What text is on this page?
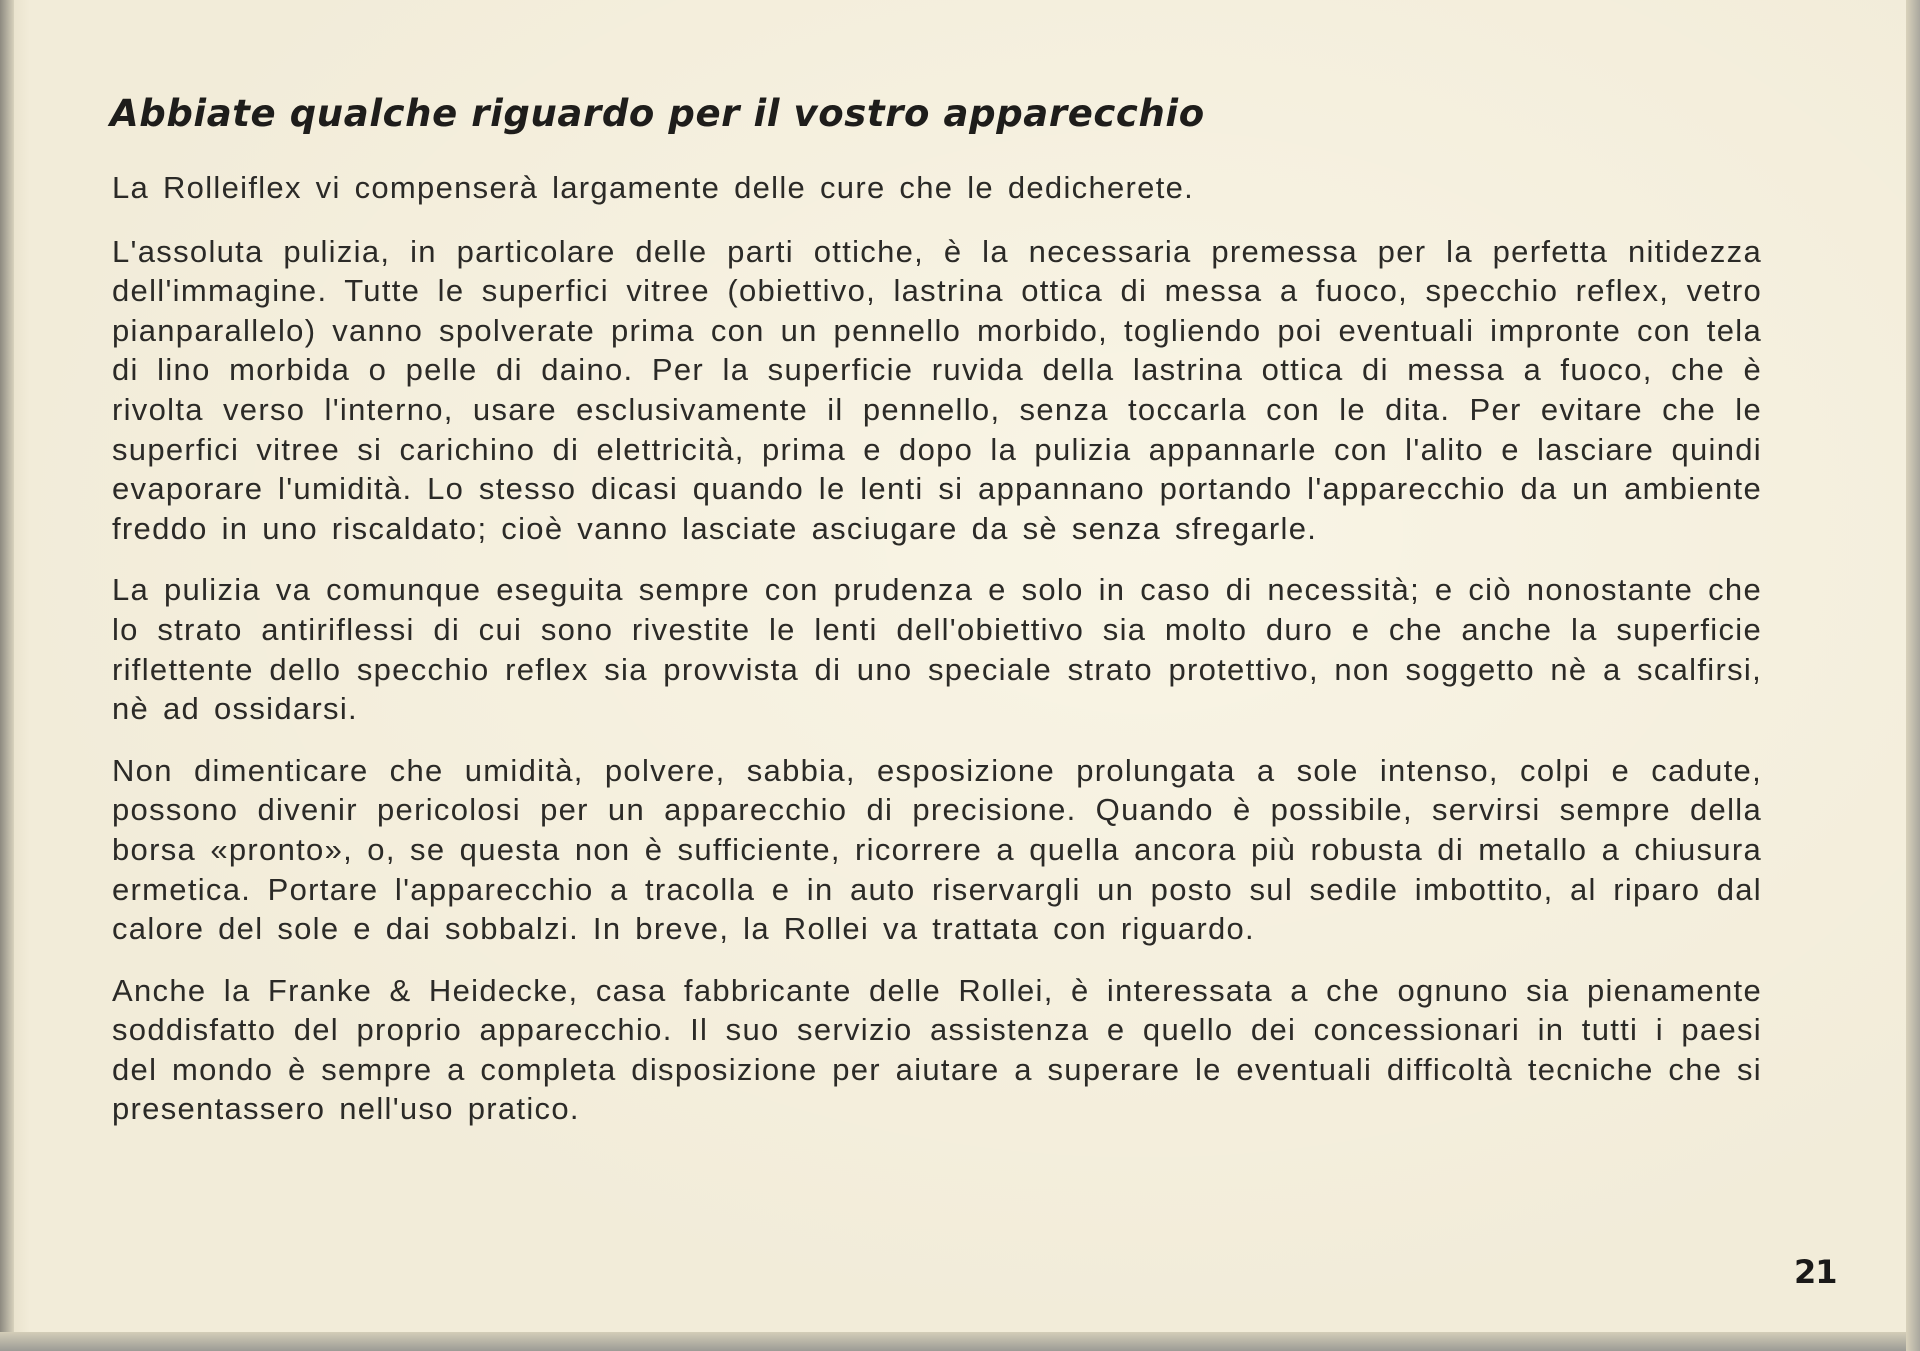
Abbiate qualche riguardo per il vostro apparecchio

La Rolleiflex vi compenserà largamente delle cure che le dedicherete.

L'assoluta pulizia, in particolare delle parti ottiche, è la necessaria premessa per la perfetta nitidezza dell'immagine. Tutte le superfici vitree (obiettivo, lastrina ottica di messa a fuoco, specchio reflex, vetro pianparallelo) vanno spolverate prima con un pennello morbido, togliendo poi eventuali impronte con tela di lino morbida o pelle di daino. Per la superficie ruvida della lastrina ottica di messa a fuoco, che è rivolta verso l'interno, usare esclusivamente il pennello, senza toccarla con le dita. Per evitare che le superfici vitree si carichino di elettricità, prima e dopo la pulizia appannarle con l'alito e lasciare quindi evaporare l'umidità. Lo stesso dicasi quando le lenti si appannano portando l'apparecchio da un ambiente freddo in uno riscaldato; cioè vanno lasciate asciugare da sè senza sfregarle.

La pulizia va comunque eseguita sempre con prudenza e solo in caso di necessità; e ciò nonostante che lo strato antiriflessi di cui sono rivestite le lenti dell'obiettivo sia molto duro e che anche la superficie riflettente dello specchio reflex sia provvista di uno speciale strato protettivo, non soggetto nè a scalfirsi, nè ad ossidarsi.

Non dimenticare che umidità, polvere, sabbia, esposizione prolungata a sole intenso, colpi e cadute, possono divenir pericolosi per un apparecchio di precisione. Quando è possibile, servirsi sempre della borsa «pronto», o, se questa non è sufficiente, ricorrere a quella ancora più robusta di metallo a chiusura ermetica. Portare l'apparecchio a tracolla e in auto riservargli un posto sul sedile imbottito, al riparo dal calore del sole e dai sobbalzi. In breve, la Rollei va trattata con riguardo.

Anche la Franke & Heidecke, casa fabbricante delle Rollei, è interessata a che ognuno sia pienamente soddisfatto del proprio apparecchio. Il suo servizio assistenza e quello dei concessionari in tutti i paesi del mondo è sempre a completa disposizione per aiutare a superare le eventuali difficoltà tecniche che si presentassero nell'uso pratico.

21
